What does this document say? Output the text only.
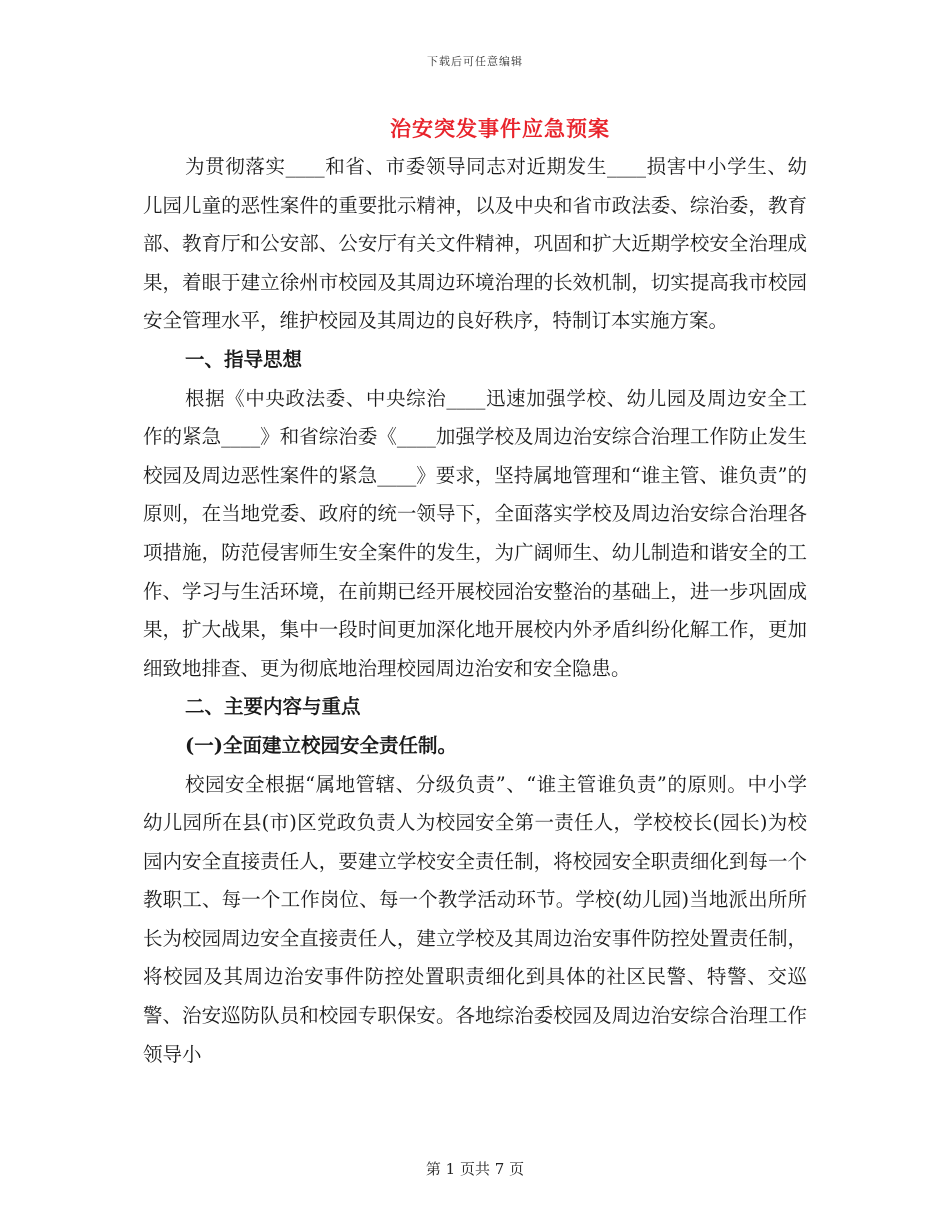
下载后可任意编辑
治安突发事件应急预案

为贯彻落实____和省、市委领导同志对近期发生____损害中小学生、幼儿园儿童的恶性案件的重要批示精神，以及中央和省市政法委、综治委，教育部、教育厅和公安部、公安厅有关文件精神，巩固和扩大近期学校安全治理成果，着眼于建立徐州市校园及其周边环境治理的长效机制，切实提高我市校园安全管理水平，维护校园及其周边的良好秩序，特制订本实施方案。

一、指导思想

根据《中央政法委、中央综治____迅速加强学校、幼儿园及周边安全工作的紧急____》和省综治委《____加强学校及周边治安综合治理工作防止发生校园及周边恶性案件的紧急____》要求，坚持属地管理和“谁主管、谁负责”的原则，在当地党委、政府的统一领导下，全面落实学校及周边治安综合治理各项措施，防范侵害师生安全案件的发生，为广阔师生、幼儿制造和谐安全的工作、学习与生活环境，在前期已经开展校园治安整治的基础上，进一步巩固成果，扩大战果，集中一段时间更加深化地开展校内外矛盾纠纷化解工作，更加细致地排查、更为彻底地治理校园周边治安和安全隐患。

二、主要内容与重点

(一)全面建立校园安全责任制。

校园安全根据“属地管辖、分级负责”、“谁主管谁负责”的原则。中小学幼儿园所在县(市)区党政负责人为校园安全第一责任人，学校校长(园长)为校园内安全直接责任人，要建立学校安全责任制，将校园安全职责细化到每一个教职工、每一个工作岗位、每一个教学活动环节。学校(幼儿园)当地派出所所长为校园周边安全直接责任人，建立学校及其周边治安事件防控处置责任制，将校园及其周边治安事件防控处置职责细化到具体的社区民警、特警、交巡警、治安巡防队员和校园专职保安。各地综治委校园及周边治安综合治理工作领导小

第 1 页共 7 页
